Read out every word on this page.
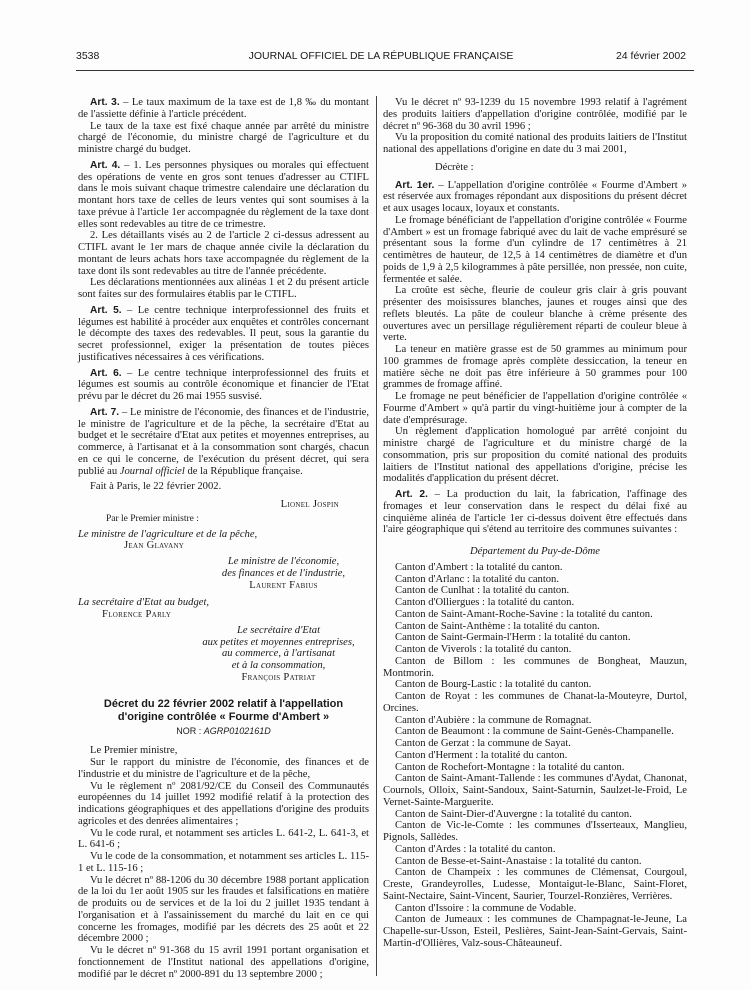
3538	JOURNAL OFFICIEL DE LA RÉPUBLIQUE FRANÇAISE	24 février 2002

Art. 3. – Le taux maximum de la taxe est de 1,8 ‰ du montant de l'assiette définie à l'article précédent.

Le taux de la taxe est fixé chaque année par arrêté du ministre chargé de l'économie, du ministre chargé de l'agriculture et du ministre chargé du budget.

Art. 4. – 1. Les personnes physiques ou morales qui effectuent des opérations de vente en gros sont tenues d'adresser au CTIFL dans le mois suivant chaque trimestre calendaire une déclaration du montant hors taxe de celles de leurs ventes qui sont soumises à la taxe prévue à l'article 1er accompagnée du règlement de la taxe dont elles sont redevables au titre de ce trimestre.

2. Les détaillants visés au 2 de l'article 2 ci-dessus adressent au CTIFL avant le 1er mars de chaque année civile la déclaration du montant de leurs achats hors taxe accompagnée du règlement de la taxe dont ils sont redevables au titre de l'année précédente.

Les déclarations mentionnées aux alinéas 1 et 2 du présent article sont faites sur des formulaires établis par le CTIFL.

Art. 5. – Le centre technique interprofessionnel des fruits et légumes est habilité à procéder aux enquêtes et contrôles concernant le décompte des taxes des redevables. Il peut, sous la garantie du secret professionnel, exiger la présentation de toutes pièces justificatives nécessaires à ces vérifications.

Art. 6. – Le centre technique interprofessionnel des fruits et légumes est soumis au contrôle économique et financier de l'Etat prévu par le décret du 26 mai 1955 susvisé.

Art. 7. – Le ministre de l'économie, des finances et de l'industrie, le ministre de l'agriculture et de la pêche, la secrétaire d'Etat au budget et le secrétaire d'Etat aux petites et moyennes entreprises, au commerce, à l'artisanat et à la consommation sont chargés, chacun en ce qui le concerne, de l'exécution du présent décret, qui sera publié au Journal officiel de la République française.

Fait à Paris, le 22 février 2002.

Lionel Jospin

Par le Premier ministre :

Le ministre de l'agriculture et de la pêche,

Jean Glavany

Le ministre de l'économie,

des finances et de l'industrie,

Laurent Fabius

La secrétaire d'Etat au budget,

Florence Parly

Le secrétaire d'Etat

aux petites et moyennes entreprises,

au commerce, à l'artisanat

et à la consommation,

François Patriat

Décret du 22 février 2002 relatif à l'appellation
d'origine contrôlée « Fourme d'Ambert »

NOR : AGRP0102161D

Le Premier ministre,

Sur le rapport du ministre de l'économie, des finances et de l'industrie et du ministre de l'agriculture et de la pêche,

Vu le règlement nº 2081/92/CE du Conseil des Communautés européennes du 14 juillet 1992 modifié relatif à la protection des indications géographiques et des appellations d'origine des produits agricoles et des denrées alimentaires ;

Vu le code rural, et notamment ses articles L. 641-2, L. 641-3, et L. 641-6 ;

Vu le code de la consommation, et notamment ses articles L. 115-1 et L. 115-16 ;

Vu le décret nº 88-1206 du 30 décembre 1988 portant application de la loi du 1er août 1905 sur les fraudes et falsifications en matière de produits ou de services et de la loi du 2 juillet 1935 tendant à l'organisation et à l'assainissement du marché du lait en ce qui concerne les fromages, modifié par les décrets des 25 août et 22 décembre 2000 ;

Vu le décret nº 91-368 du 15 avril 1991 portant organisation et fonctionnement de l'Institut national des appellations d'origine, modifié par le décret nº 2000-891 du 13 septembre 2000 ;

Vu le décret nº 93-1239 du 15 novembre 1993 relatif à l'agrément des produits laitiers d'appellation d'origine contrôlée, modifié par le décret nº 96-368 du 30 avril 1996 ;

Vu la proposition du comité national des produits laitiers de l'Institut national des appellations d'origine en date du 3 mai 2001,

Décrète :

Art. 1er. – L'appellation d'origine contrôlée « Fourme d'Ambert » est réservée aux fromages répondant aux dispositions du présent décret et aux usages locaux, loyaux et constants.

Le fromage bénéficiant de l'appellation d'origine contrôlée « Fourme d'Ambert » est un fromage fabriqué avec du lait de vache emprésuré se présentant sous la forme d'un cylindre de 17 centimètres à 21 centimètres de hauteur, de 12,5 à 14 centimètres de diamètre et d'un poids de 1,9 à 2,5 kilogrammes à pâte persillée, non pressée, non cuite, fermentée et salée.

La croûte est sèche, fleurie de couleur gris clair à gris pouvant présenter des moisissures blanches, jaunes et rouges ainsi que des reflets bleutés. La pâte de couleur blanche à crème présente des ouvertures avec un persillage régulièrement réparti de couleur bleue à verte.

La teneur en matière grasse est de 50 grammes au minimum pour 100 grammes de fromage après complète dessiccation, la teneur en matière sèche ne doit pas être inférieure à 50 grammes pour 100 grammes de fromage affiné.

Le fromage ne peut bénéficier de l'appellation d'origine contrôlée « Fourme d'Ambert » qu'à partir du vingt-huitième jour à compter de la date d'emprésurage.

Un règlement d'application homologué par arrêté conjoint du ministre chargé de l'agriculture et du ministre chargé de la consommation, pris sur proposition du comité national des produits laitiers de l'Institut national des appellations d'origine, précise les modalités d'application du présent décret.

Art. 2. – La production du lait, la fabrication, l'affinage des fromages et leur conservation dans le respect du délai fixé au cinquième alinéa de l'article 1er ci-dessus doivent être effectués dans l'aire géographique qui s'étend au territoire des communes suivantes :

Département du Puy-de-Dôme

Canton d'Ambert : la totalité du canton.

Canton d'Arlanc : la totalité du canton.

Canton de Cunlhat : la totalité du canton.

Canton d'Olliergues : la totalité du canton.

Canton de Saint-Amant-Roche-Savine : la totalité du canton.

Canton de Saint-Anthème : la totalité du canton.

Canton de Saint-Germain-l'Herm : la totalité du canton.

Canton de Viverols : la totalité du canton.

Canton de Billom : les communes de Bongheat, Mauzun, Montmorin.

Canton de Bourg-Lastic : la totalité du canton.

Canton de Royat : les communes de Chanat-la-Mouteyre, Durtol, Orcines.

Canton d'Aubière : la commune de Romagnat.

Canton de Beaumont : la commune de Saint-Genès-Champanelle.

Canton de Gerzat : la commune de Sayat.

Canton d'Herment : la totalité du canton.

Canton de Rochefort-Montagne : la totalité du canton.

Canton de Saint-Amant-Tallende : les communes d'Aydat, Chanonat, Cournols, Olloix, Saint-Sandoux, Saint-Saturnin, Saulzet-le-Froid, Le Vernet-Sainte-Marguerite.

Canton de Saint-Dier-d'Auvergne : la totalité du canton.

Canton de Vic-le-Comte : les communes d'Isserteaux, Manglieu, Pignols, Sallèdes.

Canton d'Ardes : la totalité du canton.

Canton de Besse-et-Saint-Anastaise : la totalité du canton.

Canton de Champeix : les communes de Clémensat, Courgoul, Creste, Grandeyrolles, Ludesse, Montaigut-le-Blanc, Saint-Floret, Saint-Nectaire, Saint-Vincent, Saurier, Tourzel-Ronzières, Verrières.

Canton d'Issoire : la commune de Vodable.

Canton de Jumeaux : les communes de Champagnat-le-Jeune, La Chapelle-sur-Usson, Esteil, Peslières, Saint-Jean-Saint-Gervais, Saint-Martin-d'Ollières, Valz-sous-Châteauneuf.
